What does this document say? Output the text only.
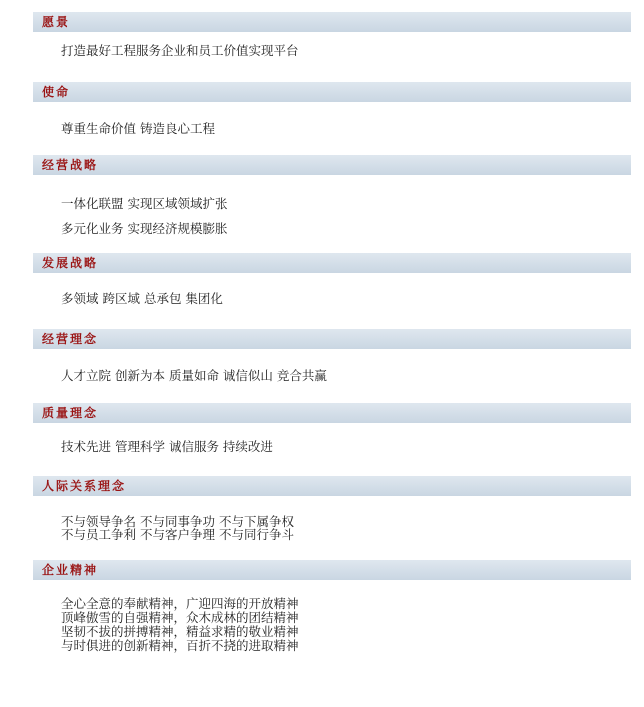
愿景
打造最好工程服务企业和员工价值实现平台
使命
尊重生命价值 铸造良心工程
经营战略
一体化联盟 实现区域领域扩张
多元化业务 实现经济规模膨胀
发展战略
多领域 跨区域 总承包 集团化
经营理念
人才立院 创新为本 质量如命 诚信似山 竞合共赢
质量理念
技术先进 管理科学 诚信服务 持续改进
人际关系理念
不与领导争名 不与同事争功 不与下属争权
不与员工争利 不与客户争理 不与同行争斗
企业精神
全心全意的奉献精神，广迎四海的开放精神
顶峰傲雪的自强精神，众木成林的团结精神
坚韧不拔的拼搏精神，精益求精的敬业精神
与时俱进的创新精神，百折不挠的进取精神
